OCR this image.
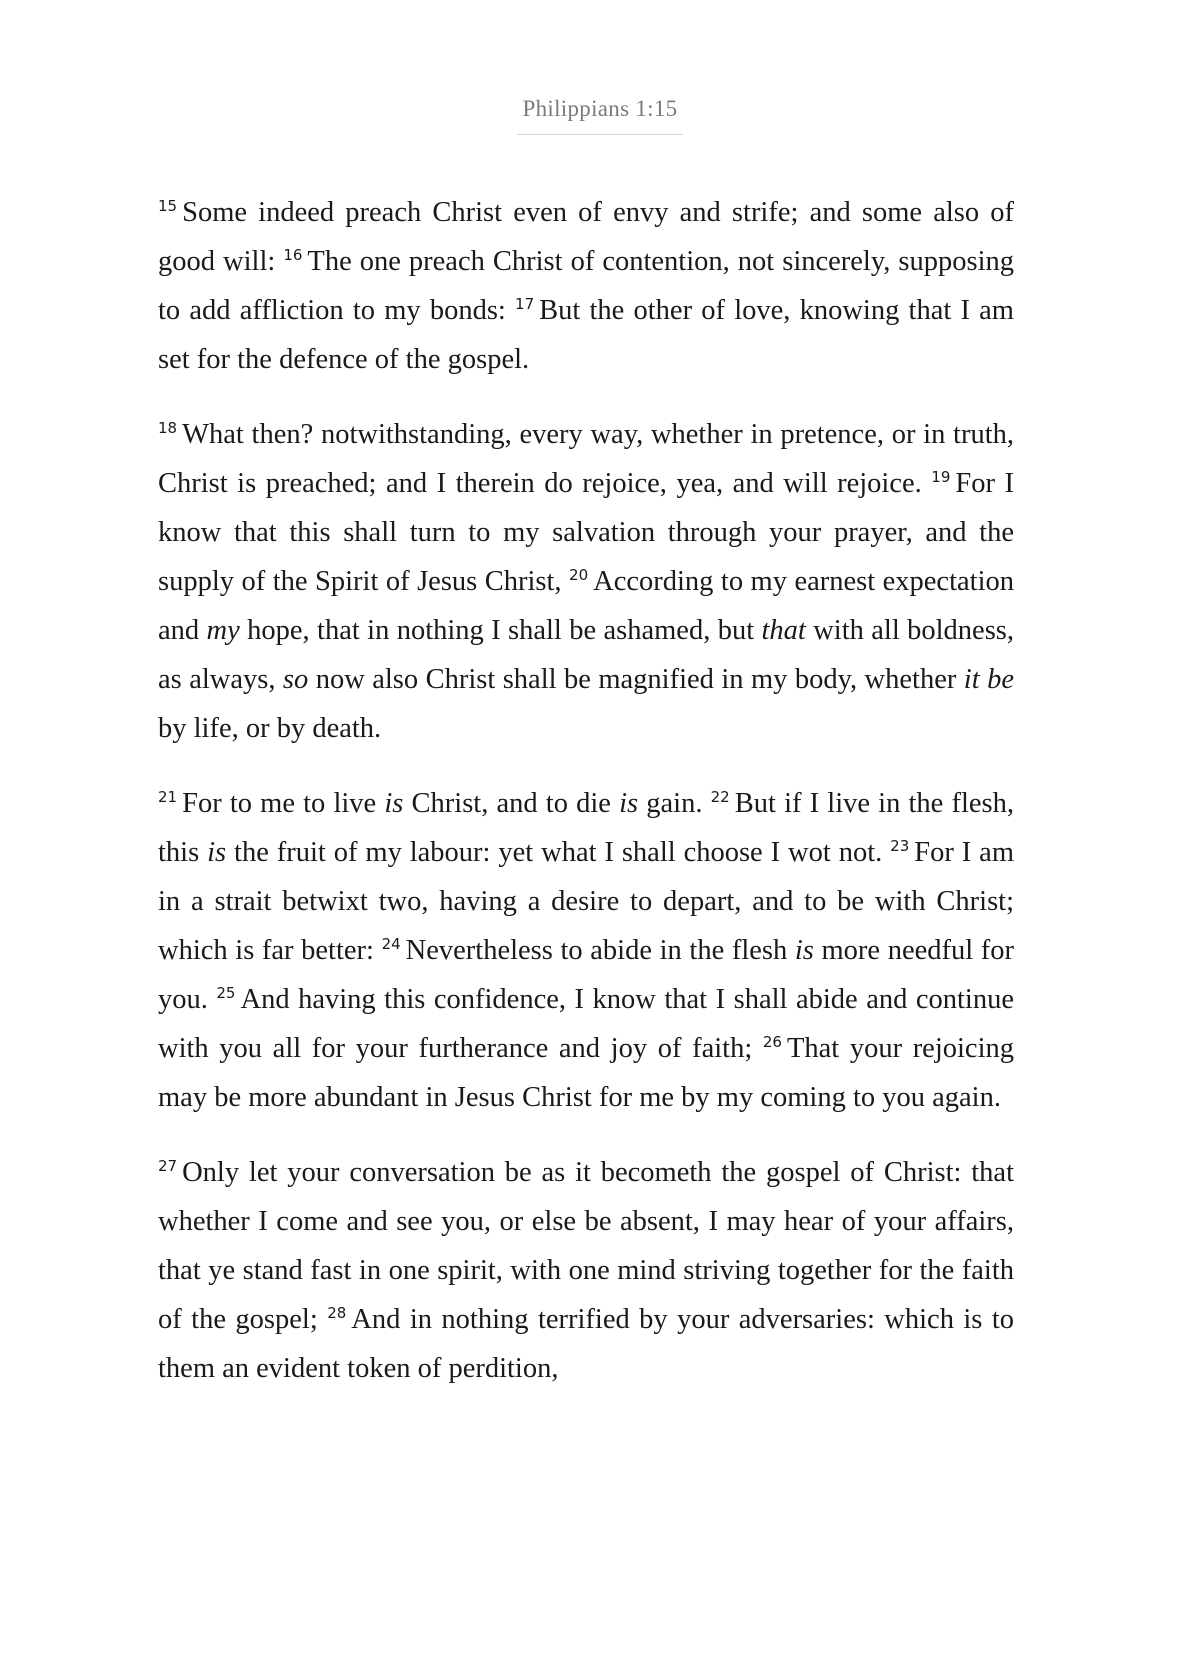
Philippians 1:15

$^{15}$ Some indeed preach Christ even of envy and strife; and some also of good will: $^{16}$ The one preach Christ of contention, not sincerely, supposing to add affliction to my bonds: $^{17}$ But the other of love, knowing that I am set for the defence of the gospel.

$^{18}$ What then? notwithstanding, every way, whether in pretence, or in truth, Christ is preached; and I therein do rejoice, yea, and will rejoice. $^{19}$ For I know that this shall turn to my salvation through your prayer, and the supply of the Spirit of Jesus Christ, $^{20}$ According to my earnest expectation and my hope, that in nothing I shall be ashamed, but that with all boldness, as always, so now also Christ shall be magnified in my body, whether it be by life, or by death.

$^{21}$ For to me to live is Christ, and to die is gain. $^{22}$ But if I live in the flesh, this is the fruit of my labour: yet what I shall choose I wot not. $^{23}$ For I am in a strait betwixt two, having a desire to depart, and to be with Christ; which is far better: $^{24}$ Nevertheless to abide in the flesh is more needful for you. $^{25}$ And having this confidence, I know that I shall abide and continue with you all for your furtherance and joy of faith; $^{26}$ That your rejoicing may be more abundant in Jesus Christ for me by my coming to you again.

$^{27}$ Only let your conversation be as it becometh the gospel of Christ: that whether I come and see you, or else be absent, I may hear of your affairs, that ye stand fast in one spirit, with one mind striving together for the faith of the gospel; $^{28}$ And in nothing terrified by your adversaries: which is to them an evident token of perdition,
